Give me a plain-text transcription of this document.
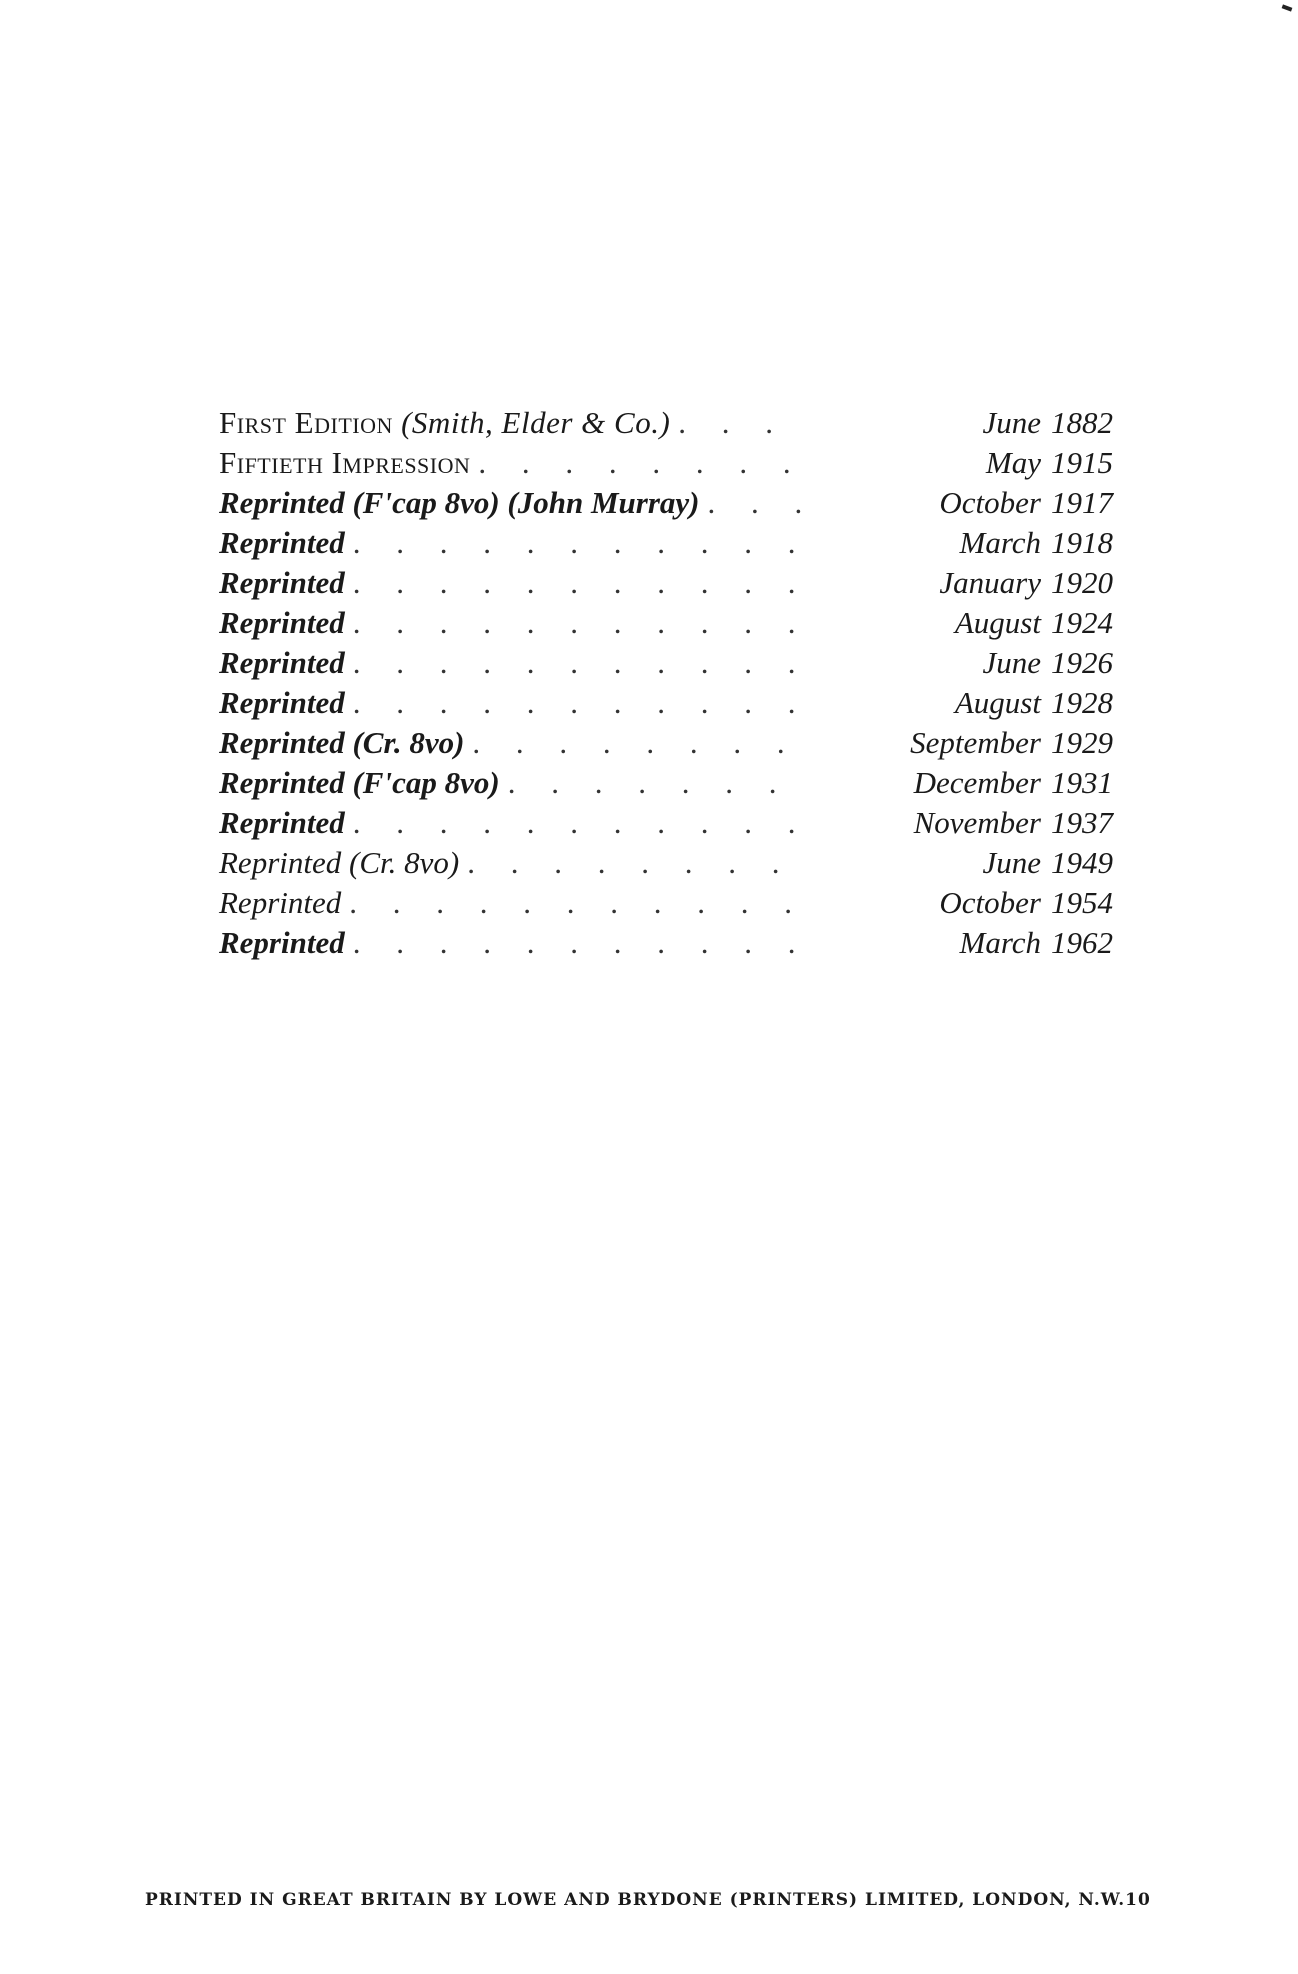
First Edition (Smith, Elder & Co.) . . .	June 1882
Fiftieth Impression . . .	May 1915
Reprinted (F'cap 8vo) (John Murray) . . .	October 1917
Reprinted . . .	March 1918
Reprinted . . .	January 1920
Reprinted . . .	August 1924
Reprinted . . .	June 1926
Reprinted . . .	August 1928
Reprinted (Cr. 8vo) . . .	September 1929
Reprinted (F'cap 8vo) . . .	December 1931
Reprinted . . .	November 1937
Reprinted (Cr. 8vo) . . .	June 1949
Reprinted . . .	October 1954
Reprinted . . .	March 1962
PRINTED IN GREAT BRITAIN BY LOWE AND BRYDONE (PRINTERS) LIMITED, LONDON, N.W.10
